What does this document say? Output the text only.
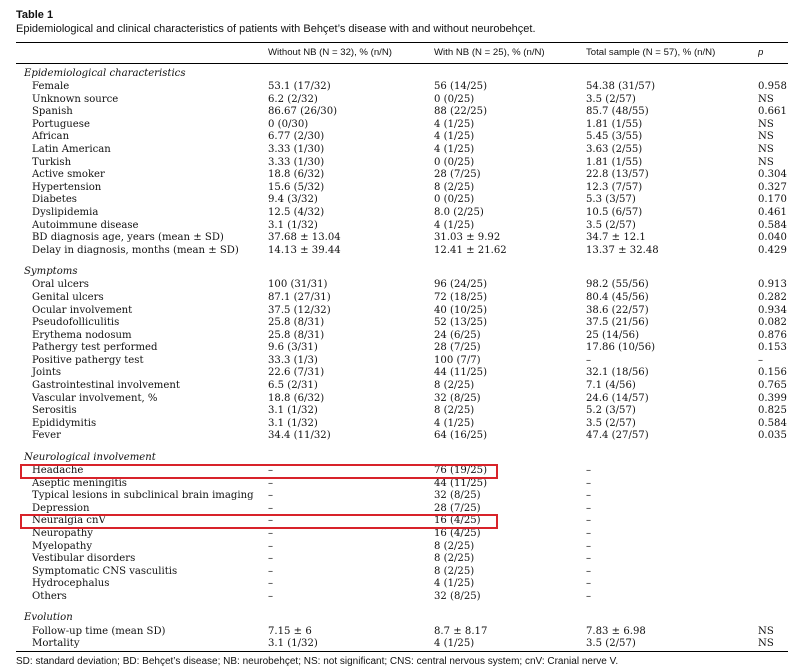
Table 1
Epidemiological and clinical characteristics of patients with Behçet’s disease with and without neurobehçet.
	Without NB (N = 32), % (n/N)	With NB (N = 25), % (n/N)	Total sample (N = 57), % (n/N)	p

Epidemiological characteristics				
Female	53.1 (17/32)	56 (14/25)	54.38 (31/57)	0.958
Unknown source	6.2 (2/32)	0 (0/25)	3.5 (2/57)	NS
Spanish	86.67 (26/30)	88 (22/25)	85.7 (48/55)	0.661
Portuguese	0 (0/30)	4 (1/25)	1.81 (1/55)	NS
African	6.77 (2/30)	4 (1/25)	5.45 (3/55)	NS
Latin American	3.33 (1/30)	4 (1/25)	3.63 (2/55)	NS
Turkish	3.33 (1/30)	0 (0/25)	1.81 (1/55)	NS
Active smoker	18.8 (6/32)	28 (7/25)	22.8 (13/57)	0.304
Hypertension	15.6 (5/32)	8 (2/25)	12.3 (7/57)	0.327
Diabetes	9.4 (3/32)	0 (0/25)	5.3 (3/57)	0.170
Dyslipidemia	12.5 (4/32)	8.0 (2/25)	10.5 (6/57)	0.461
Autoimmune disease	3.1 (1/32)	4 (1/25)	3.5 (2/57)	0.584
BD diagnosis age, years (mean ± SD)	37.68 ± 13.04	31.03 ± 9.92	34.7 ± 12.1	0.040
Delay in diagnosis, months (mean ± SD)	14.13 ± 39.44	12.41 ± 21.62	13.37 ± 32.48	0.429

Symptoms				
Oral ulcers	100 (31/31)	96 (24/25)	98.2 (55/56)	0.913
Genital ulcers	87.1 (27/31)	72 (18/25)	80.4 (45/56)	0.282
Ocular involvement	37.5 (12/32)	40 (10/25)	38.6 (22/57)	0.934
Pseudofolliculitis	25.8 (8/31)	52 (13/25)	37.5 (21/56)	0.082
Erythema nodosum	25.8 (8/31)	24 (6/25)	25 (14/56)	0.876
Pathergy test performed	9.6 (3/31)	28 (7/25)	17.86 (10/56)	0.153
Positive pathergy test	33.3 (1/3)	100 (7/7)	–	–
Joints	22.6 (7/31)	44 (11/25)	32.1 (18/56)	0.156
Gastrointestinal involvement	6.5 (2/31)	8 (2/25)	7.1 (4/56)	0.765
Vascular involvement, %	18.8 (6/32)	32 (8/25)	24.6 (14/57)	0.399
Serositis	3.1 (1/32)	8 (2/25)	5.2 (3/57)	0.825
Epididymitis	3.1 (1/32)	4 (1/25)	3.5 (2/57)	0.584
Fever	34.4 (11/32)	64 (16/25)	47.4 (27/57)	0.035

Neurological involvement				
Headache	–	76 (19/25)	–	
Aseptic meningitis	–	44 (11/25)	–	
Typical lesions in subclinical brain imaging	–	32 (8/25)	–	
Depression	–	28 (7/25)	–	
Neuralgia cnV	–	16 (4/25)	–	
Neuropathy	–	16 (4/25)	–	
Myelopathy	–	8 (2/25)	–	
Vestibular disorders	–	8 (2/25)	–	
Symptomatic CNS vasculitis	–	8 (2/25)	–	
Hydrocephalus	–	4 (1/25)	–	
Others	–	32 (8/25)	–	

Evolution				
Follow-up time (mean SD)	7.15 ± 6	8.7 ± 8.17	7.83 ± 6.98	NS
Mortality	3.1 (1/32)	4 (1/25)	3.5 (2/57)	NS
SD: standard deviation; BD: Behçet’s disease; NB: neurobehçet; NS: not significant; CNS: central nervous system; cnV: Cranial nerve V.
